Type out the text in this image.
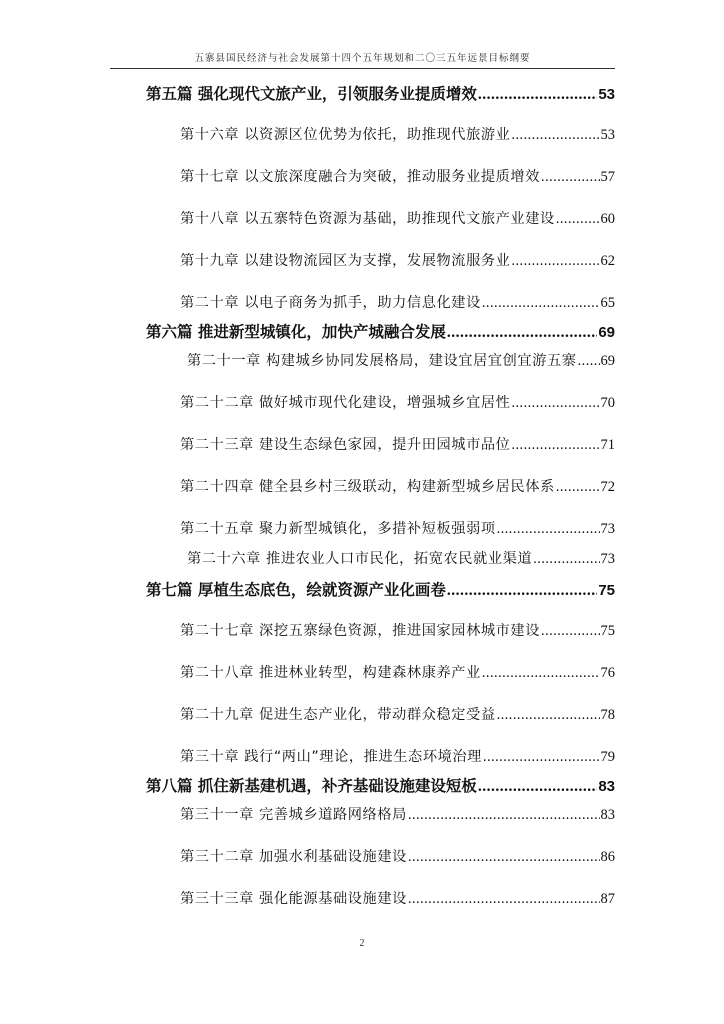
五寨县国民经济与社会发展第十四个五年规划和二〇三五年远景目标纲要
第五篇 强化现代文旅产业，引领服务业提质增效 .....	53
第十六章 以资源区位优势为依托，助推现代旅游业 .....	53
第十七章 以文旅深度融合为突破，推动服务业提质增效 .....	57
第十八章 以五寨特色资源为基础，助推现代文旅产业建设 .....	60
第十九章 以建设物流园区为支撑，发展物流服务业 .....	62
第二十章 以电子商务为抓手，助力信息化建设 .....	65
第六篇 推进新型城镇化，加快产城融合发展 .....	69
第二十一章 构建城乡协同发展格局，建设宜居宜创宜游五寨 ..... 69
第二十二章 做好城市现代化建设，增强城乡宜居性 .....	70
第二十三章 建设生态绿色家园，提升田园城市品位 .....	71
第二十四章 健全县乡村三级联动，构建新型城乡居民体系 .....	72
第二十五章 聚力新型城镇化，多措补短板强弱项 .....	73
第二十六章 推进农业人口市民化，拓宽农民就业渠道 .....	73
第七篇 厚植生态底色，绘就资源产业化画卷 .....	75
第二十七章 深挖五寨绿色资源，推进国家园林城市建设 .....	75
第二十八章 推进林业转型，构建森林康养产业 .....	76
第二十九章 促进生态产业化，带动群众稳定受益 .....	78
第三十章 践行“两山”理论，推进生态环境治理 .....	79
第八篇 抓住新基建机遇，补齐基础设施建设短板 .....	83
第三十一章 完善城乡道路网络格局 .....	83
第三十二章 加强水利基础设施建设 .....	86
第三十三章 强化能源基础设施建设 .....	87
2
